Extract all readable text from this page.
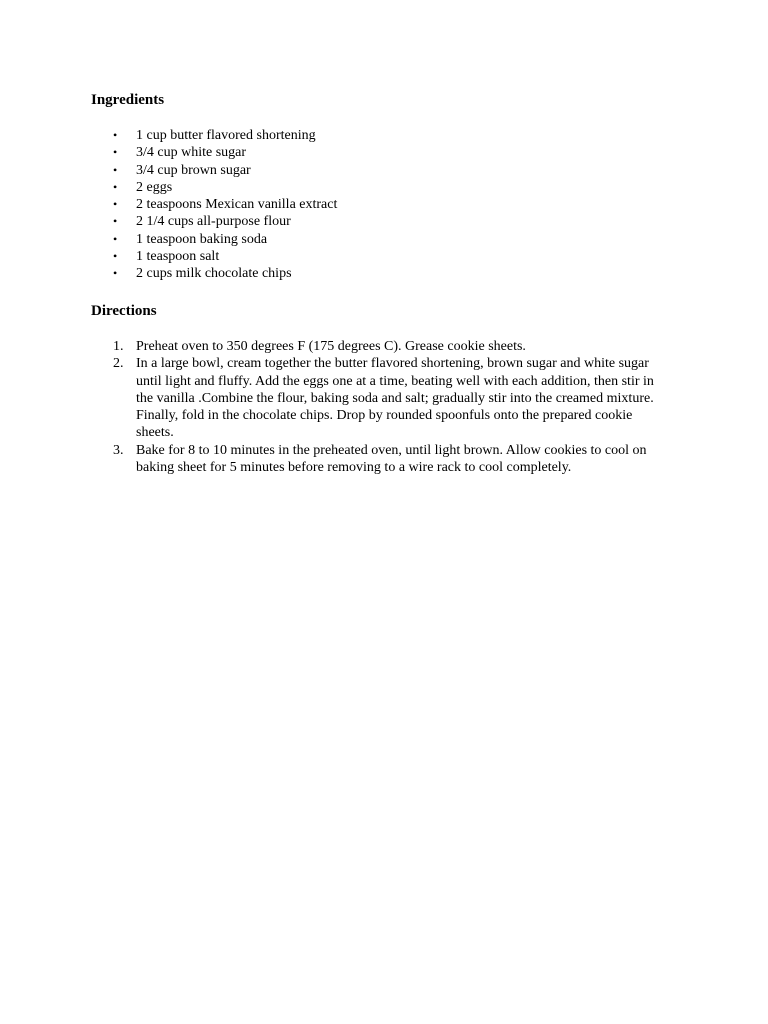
Ingredients
• 1 cup butter flavored shortening
• 3/4 cup white sugar
• 3/4 cup brown sugar
• 2 eggs
• 2 teaspoons Mexican vanilla extract
• 2 1/4 cups all-purpose flour
• 1 teaspoon baking soda
• 1 teaspoon salt
• 2 cups milk chocolate chips
Directions
1. Preheat oven to 350 degrees F (175 degrees C). Grease cookie sheets.
2. In a large bowl, cream together the butter flavored shortening, brown sugar and white sugar until light and fluffy. Add the eggs one at a time, beating well with each addition, then stir in the vanilla .Combine the flour, baking soda and salt; gradually stir into the creamed mixture. Finally, fold in the chocolate chips. Drop by rounded spoonfuls onto the prepared cookie sheets.
3. Bake for 8 to 10 minutes in the preheated oven, until light brown. Allow cookies to cool on baking sheet for 5 minutes before removing to a wire rack to cool completely.
